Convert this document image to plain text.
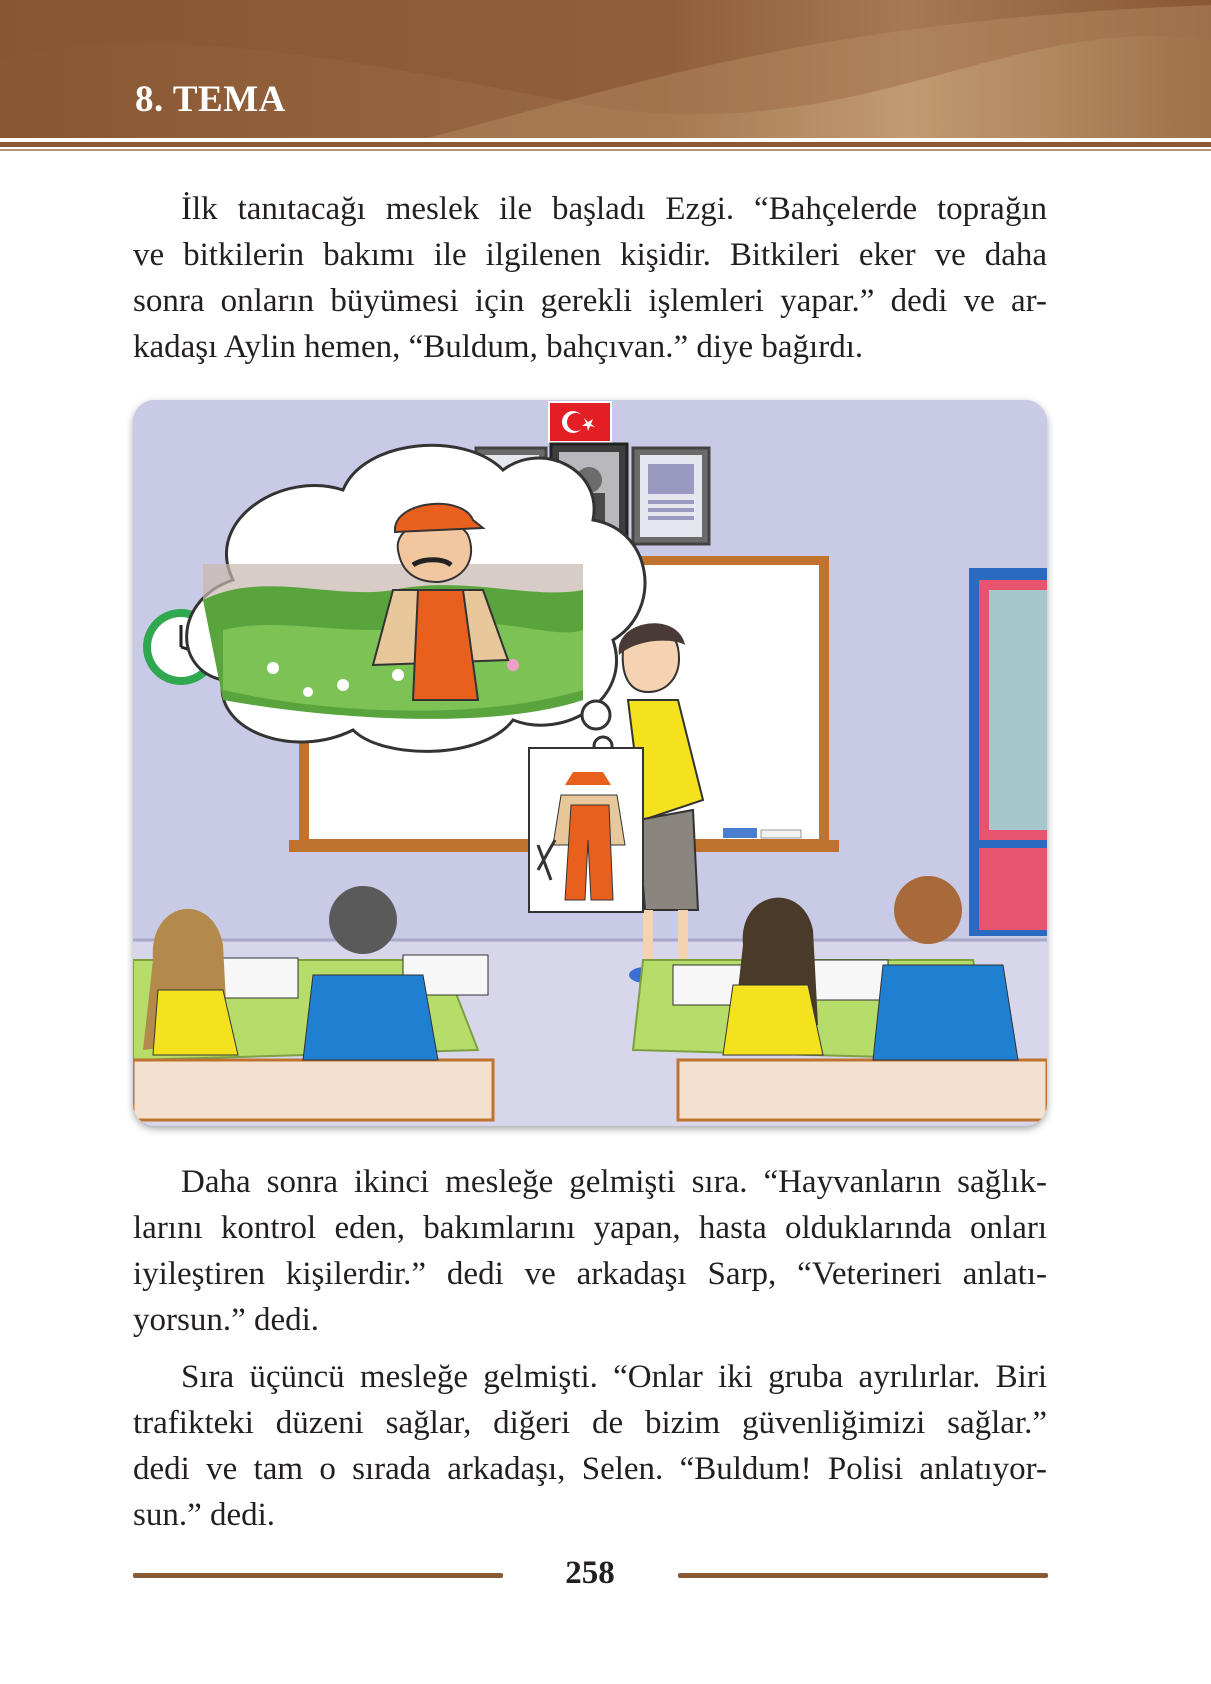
8. TEMA
İlk tanıtacağı meslek ile başladı Ezgi. “Bahçelerde toprağın
ve bitkilerin bakımı ile ilgilenen kişidir. Bitkileri eker ve daha
sonra onların büyümesi için gerekli işlemleri yapar.” dedi ve ar-
kadaşı Aylin hemen, “Buldum, bahçıvan.” diye bağırdı.
Daha sonra ikinci mesleğe gelmişti sıra. “Hayvanların sağlık-
larını kontrol eden, bakımlarını yapan, hasta olduklarında onları
iyileştiren kişilerdir.” dedi ve arkadaşı Sarp, “Veterineri anlatı-
yorsun.” dedi.
Sıra üçüncü mesleğe gelmişti. “Onlar iki gruba ayrılırlar. Biri
trafikteki düzeni sağlar, diğeri de bizim güvenliğimizi sağlar.”
dedi ve tam o sırada arkadaşı, Selen. “Buldum! Polisi anlatıyor-
sun.” dedi.
258
